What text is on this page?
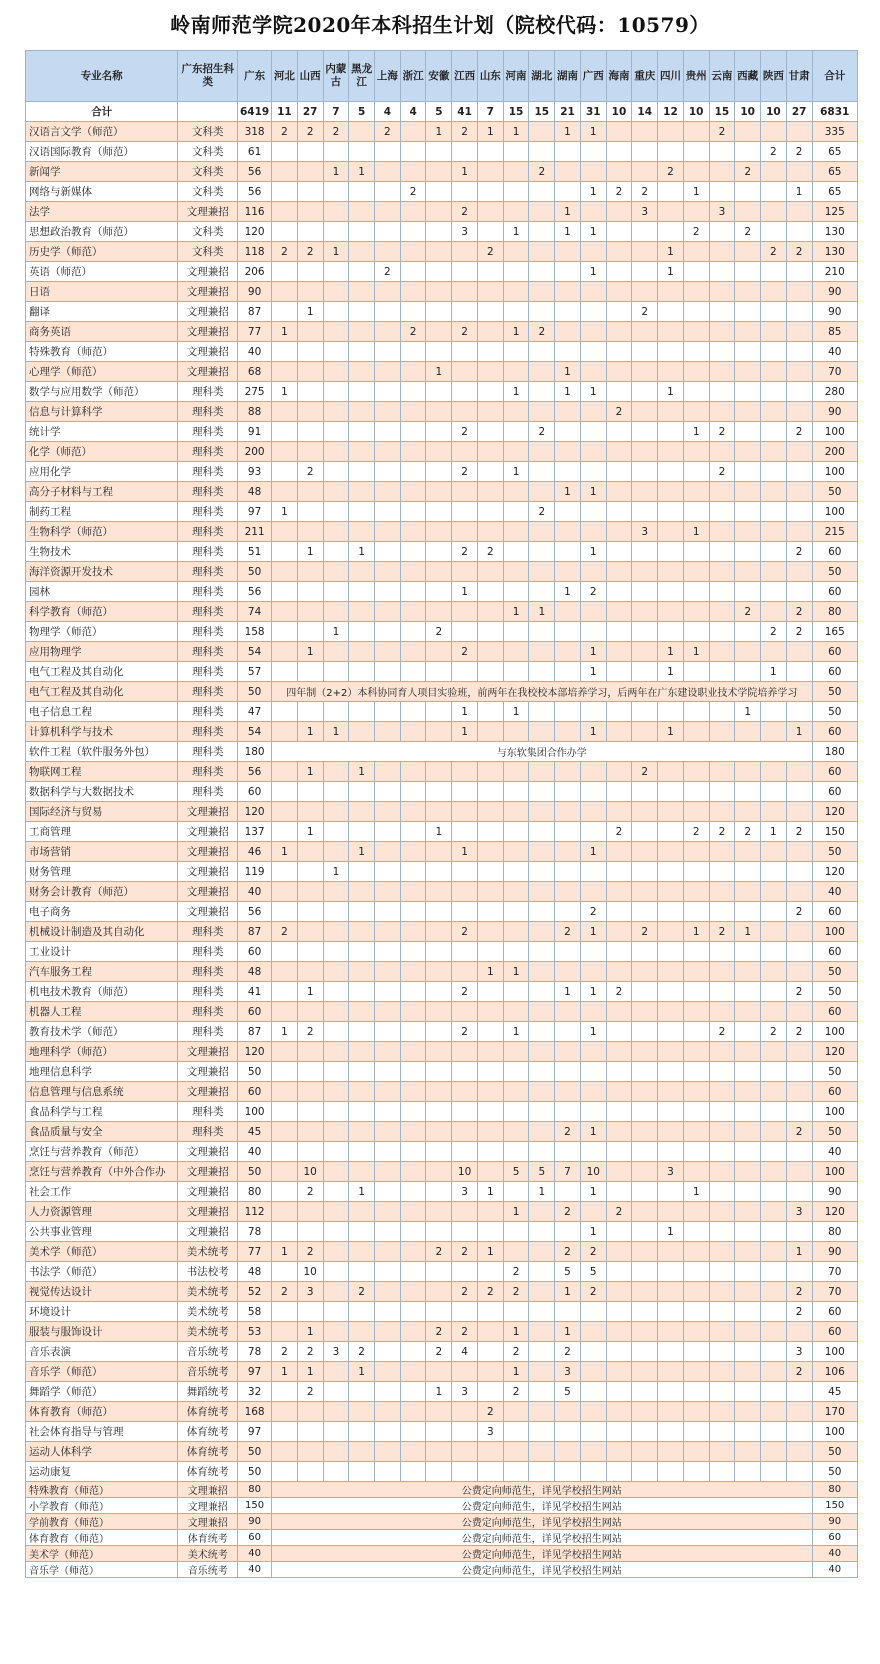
岭南师范学院2020年本科招生计划（院校代码：10579）
专业名称	广东招生科类	广东	河北	山西	内蒙古	黑龙江	上海	浙江	安徽	江西	山东	河南	湖北	湖南	广西	海南	重庆	四川	贵州	云南	西藏	陕西	甘肃	合计
合计		6419	11	27	7	5	4	4	5	41	7	15	15	21	31	10	14	12	10	15	10	10	27	6831
汉语言文学（师范）	文科类	318	2	2	2		2		1	2	1	1		1	1					2				335
汉语国际教育（师范）	文科类	61																				2	2	65
新闻学	文科类	56			1	1				1			2					2			2			65
网络与新媒体	文科类	56						2							1	2	2		1				1	65
法学	文理兼招	116								2				1			3			3				125
思想政治教育（师范）	文科类	120								3		1		1	1				2		2			130
历史学（师范）	文科类	118	2	2	1						2							1				2	2	130
英语（师范）	文理兼招	206					2								1			1						210
日语	文理兼招	90																						90
翻译	文理兼招	87		1													2							90
商务英语	文理兼招	77	1					2		2		1	2											85
特殊教育（师范）	文理兼招	40																						40
心理学（师范）	文理兼招	68							1					1										70
数学与应用数学（师范）	理科类	275	1									1		1	1			1						280
信息与计算科学	理科类	88														2								90
统计学	理科类	91								2			2						1	2			2	100
化学（师范）	理科类	200																						200
应用化学	理科类	93		2						2		1								2				100
高分子材料与工程	理科类	48												1	1									50
制药工程	理科类	97	1										2											100
生物科学（师范）	理科类	211															3		1					215
生物技术	理科类	51		1		1				2	2				1								2	60
海洋资源开发技术	理科类	50																						50
园林	理科类	56								1				1	2									60
科学教育（师范）	理科类	74										1	1								2		2	80
物理学（师范）	理科类	158			1				2													2	2	165
应用物理学	理科类	54		1						2					1			1	1					60
电气工程及其自动化	理科类	57													1			1				1		60
电气工程及其自动化	理科类	50	四年制（2+2）本科协同育人项目实验班，前两年在我校校本部培养学习，后两年在广东建设职业技术学院培养学习																					50
电子信息工程	理科类	47								1		1									1			50
计算机科学与技术	理科类	54		1	1					1					1			1					1	60
软件工程（软件服务外包）	理科类	180	与东软集团合作办学																					180
物联网工程	理科类	56		1		1											2							60
数据科学与大数据技术	理科类	60																						60
国际经济与贸易	文理兼招	120																						120
工商管理	文理兼招	137		1					1							2			2	2	2	1	2	150
市场营销	文理兼招	46	1			1				1					1									50
财务管理	文理兼招	119			1																			120
财务会计教育（师范）	文理兼招	40																						40
电子商务	文理兼招	56													2								2	60
机械设计制造及其自动化	理科类	87	2							2				2	1		2		1	2	1			100
工业设计	理科类	60																						60
汽车服务工程	理科类	48									1	1												50
机电技术教育（师范）	理科类	41		1						2				1	1	2							2	50
机器人工程	理科类	60																						60
教育技术学（师范）	理科类	87	1	2						2		1			1					2		2	2	100
地理科学（师范）	文理兼招	120																						120
地理信息科学	文理兼招	50																						50
信息管理与信息系统	文理兼招	60																						60
食品科学与工程	理科类	100																						100
食品质量与安全	理科类	45												2	1								2	50
烹饪与营养教育（师范）	文理兼招	40																						40
烹饪与营养教育（中外合作办	文理兼招	50		10						10		5	5	7	10			3						100
社会工作	文理兼招	80		2		1				3	1		1		1				1					90
人力资源管理	文理兼招	112										1		2		2							3	120
公共事业管理	文理兼招	78													1			1						80
美术学（师范）	美术统考	77	1	2					2	2	1			2	2								1	90
书法学（师范）	书法校考	48		10								2		5	5									70
视觉传达设计	美术统考	52	2	3		2				2	2	2		1	2								2	70
环境设计	美术统考	58																					2	60
服装与服饰设计	美术统考	53		1					2	2		1		1										60
音乐表演	音乐统考	78	2	2	3	2			2	4		2		2									3	100
音乐学（师范）	音乐统考	97	1	1		1						1		3									2	106
舞蹈学（师范）	舞蹈统考	32		2					1	3		2		5										45
体育教育（师范）	体育统考	168									2													170
社会体育指导与管理	体育统考	97									3													100
运动人体科学	体育统考	50																						50
运动康复	体育统考	50																						50
特殊教育（师范）	文理兼招	80	公费定向师范生，详见学校招生网站																					80
小学教育（师范）	文理兼招	150	公费定向师范生，详见学校招生网站																					150
学前教育（师范）	文理兼招	90	公费定向师范生，详见学校招生网站																					90
体育教育（师范）	体育统考	60	公费定向师范生，详见学校招生网站																					60
美术学（师范）	美术统考	40	公费定向师范生，详见学校招生网站																					40
音乐学（师范）	音乐统考	40	公费定向师范生，详见学校招生网站																					40
